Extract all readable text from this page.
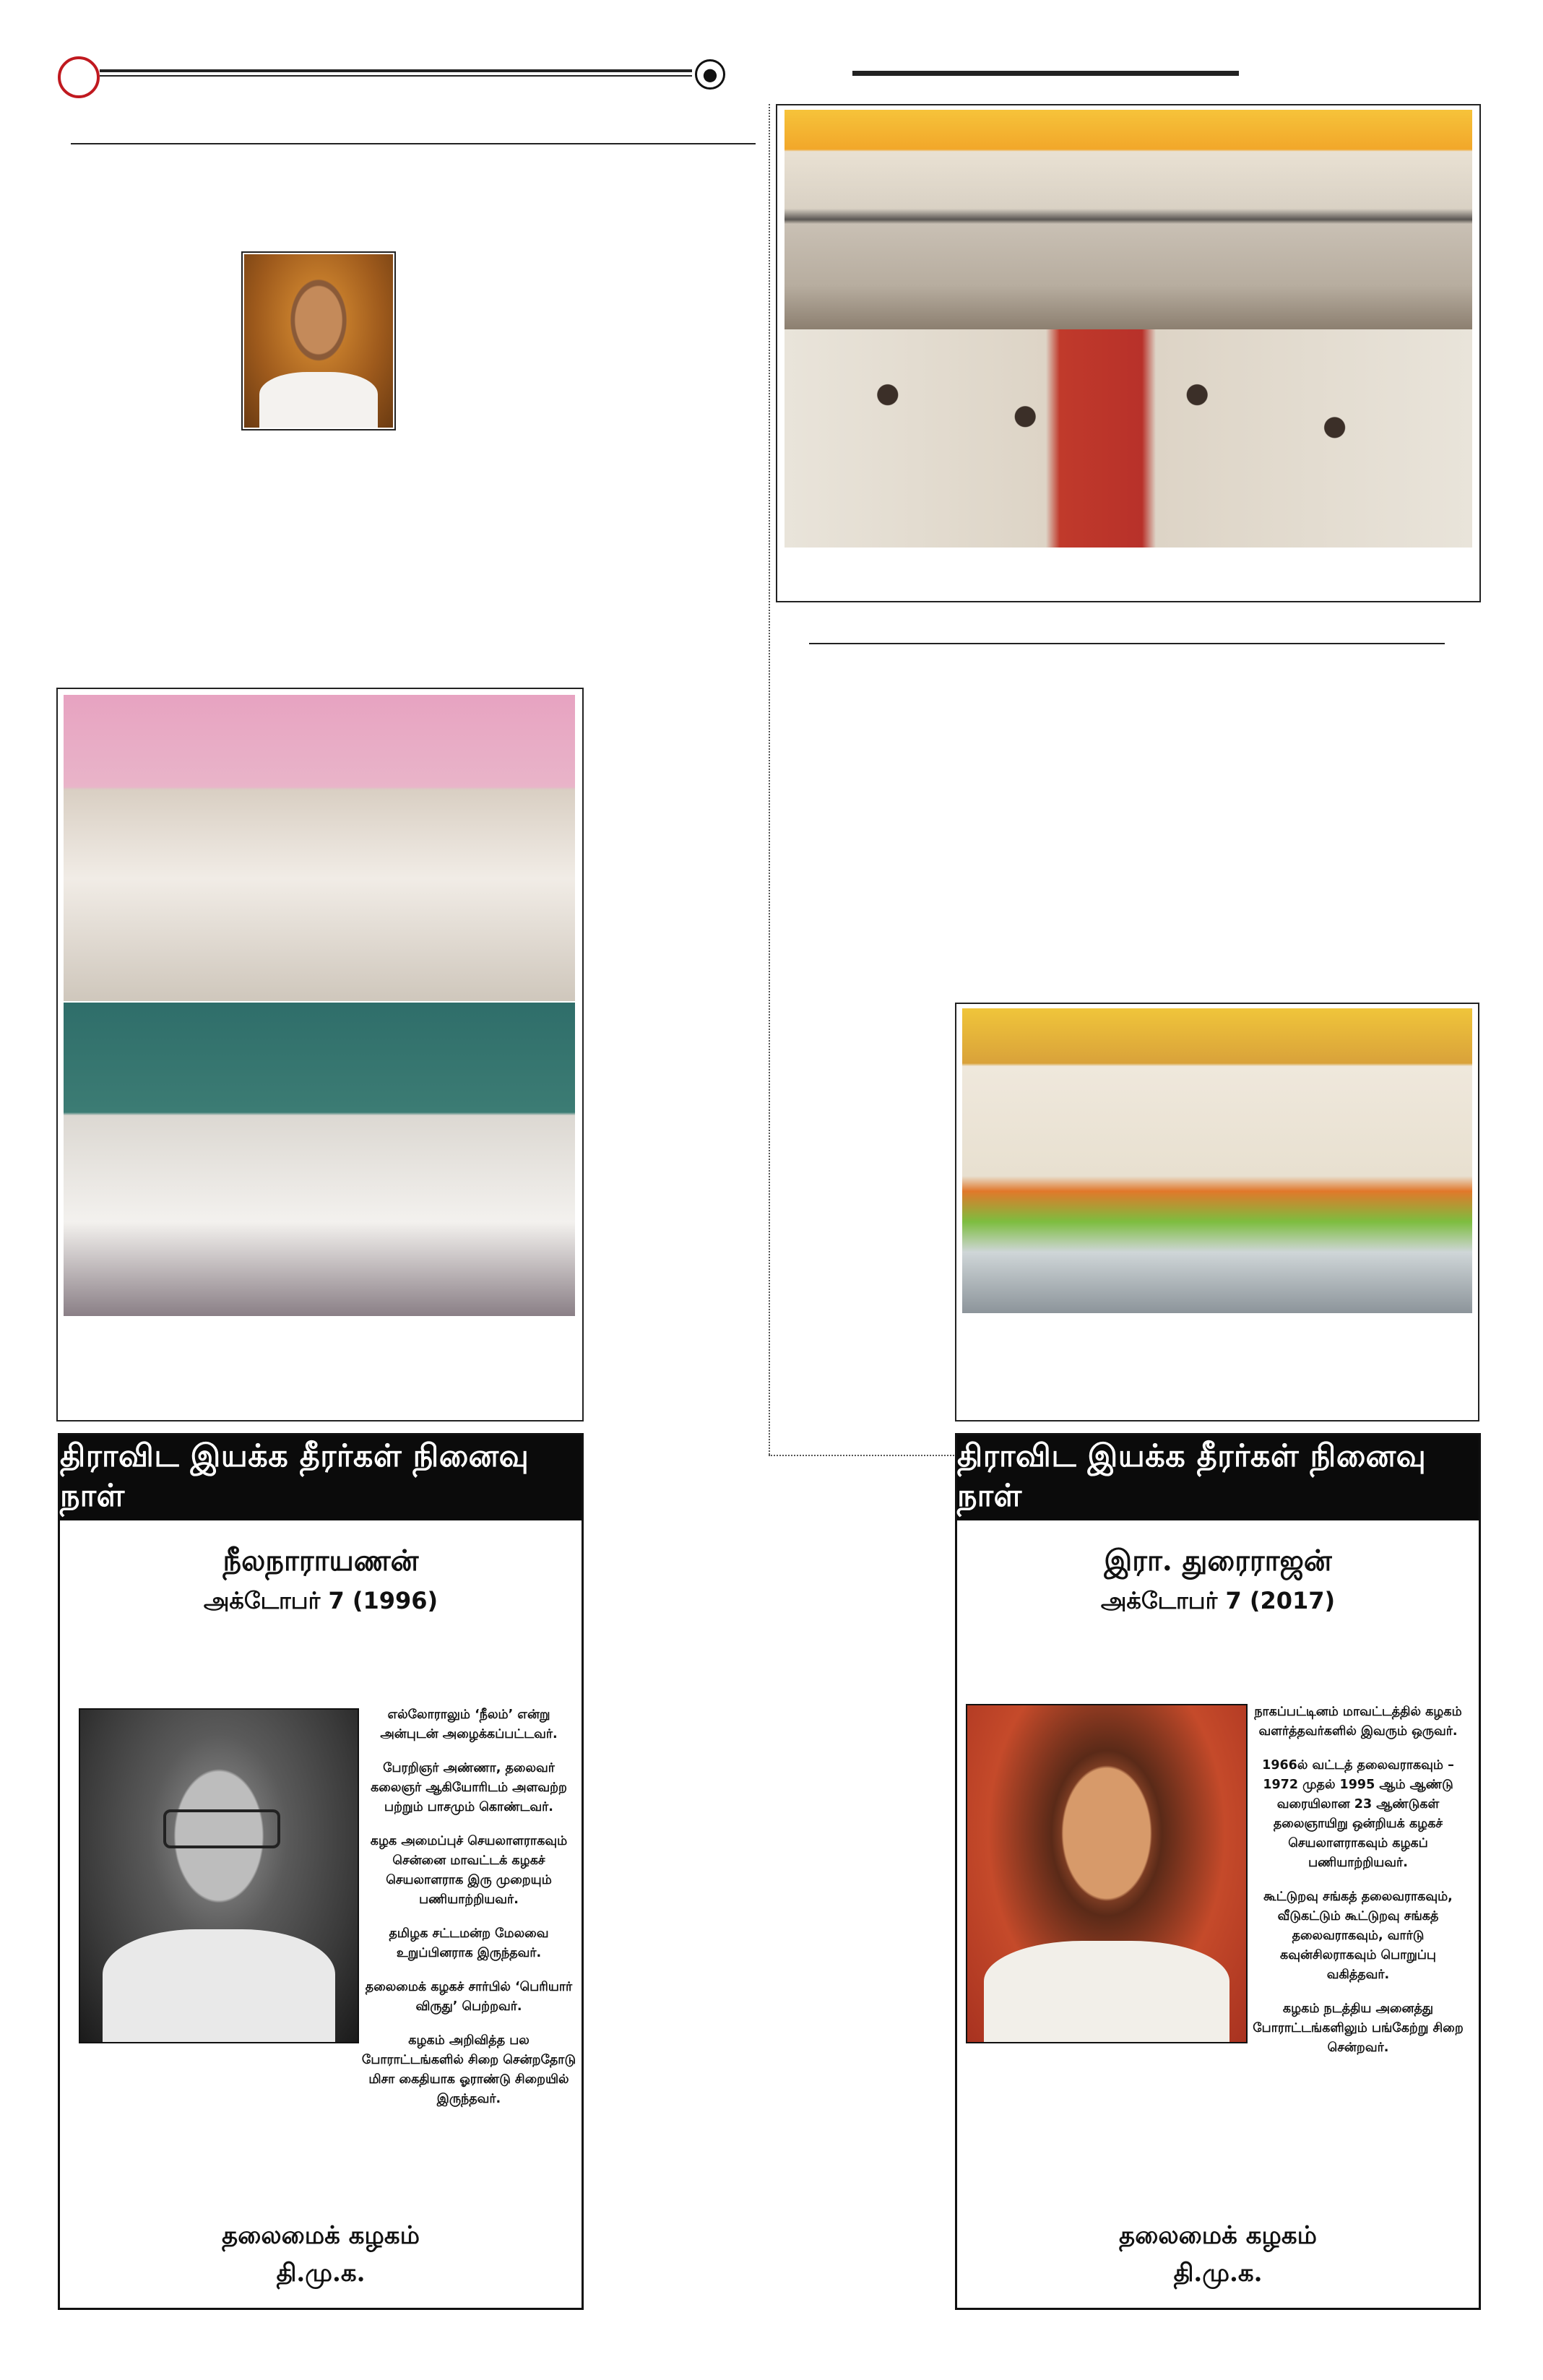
●
திராவிட இயக்க தீரர்கள் நினைவு நாள்
நீலநாராயணன்
அக்டோபர் 7 (1996)

எல்லோராலும் ‘நீலம்’ என்று அன்புடன் அழைக்கப்பட்டவர்.

பேரறிஞர் அண்ணா, தலைவர் கலைஞர் ஆகியோரிடம் அளவற்ற பற்றும் பாசமும் கொண்டவர்.

கழக அமைப்புச் செயலாளராகவும் சென்னை மாவட்டக் கழகச் செயலாளராக இரு முறையும் பணியாற்றியவர்.

தமிழக சட்டமன்ற மேலவை உறுப்பினராக இருந்தவர்.

தலைமைக் கழகச் சார்பில் ‘பெரியார் விருது’ பெற்றவர்.

கழகம் அறிவித்த பல போராட்டங்களில் சிறை சென்றதோடு மிசா கைதியாக ஓராண்டு சிறையில் இருந்தவர்.

தலைமைக் கழகம்
தி.மு.க.
திராவிட இயக்க தீரர்கள் நினைவு நாள்
இரா. துரைராஜன்
அக்டோபர் 7 (2017)

நாகப்பட்டினம் மாவட்டத்தில் கழகம் வளர்த்தவர்களில் இவரும் ஒருவர்.

1966ல் வட்டத் தலைவராகவும் – 1972 முதல் 1995 ஆம் ஆண்டு வரையிலான 23 ஆண்டுகள் தலைஞாயிறு ஒன்றியக் கழகச் செயலாளராகவும் கழகப் பணியாற்றியவர்.

கூட்டுறவு சங்கத் தலைவராகவும், வீடுகட்டும் கூட்டுறவு சங்கத் தலைவராகவும், வார்டு கவுன்சிலராகவும் பொறுப்பு வகித்தவர்.

கழகம் நடத்திய அனைத்து போராட்டங்களிலும் பங்கேற்று சிறை சென்றவர்.

தலைமைக் கழகம்
தி.மு.க.
